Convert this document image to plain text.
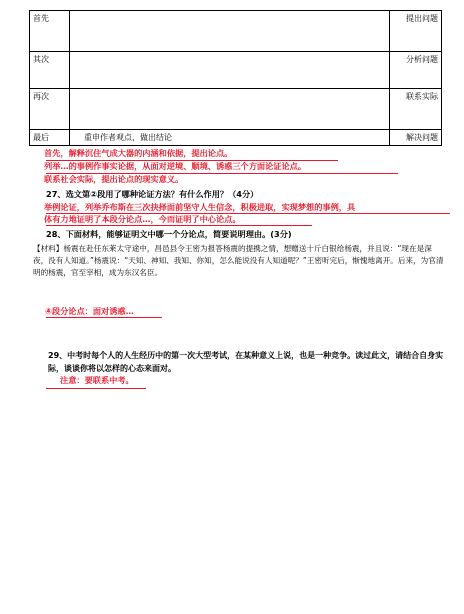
首先		提出问题
其次		分析问题
再次		联系实际
最后	重申作者观点，做出结论	解决问题
首先，解释沉住气成大器的内涵和依据，提出论点。
列举…的事例作事实论据，从面对逆境、顺境、诱惑三个方面论证论点。
联系社会实际，提出论点的现实意义。
27、选文第②段用了哪种论证方法？有什么作用？（4分）
举例论证，列举乔布斯在三次抉择面前坚守人生信念，积极进取，实现梦想的事例，具
体有力地证明了本段分论点…，今而证明了中心论点。
28、下面材料，能够证明文中哪一个分论点，简要说明理由。(3分)
【材料】杨震在赴任东莱太守途中，昌邑县令王密为报答杨震的提携之情，想赠送十斤白银给杨震，并且说：“现在是深夜，没有人知道。”杨震说：“天知、神知、我知、你知，怎么能说没有人知道呢？”王密听完后，惭愧地离开。后来，为官清明的杨震，官至宰相，成为东汉名臣。
④段分论点：面对诱惑…
29、中考时每个人的人生经历中的第一次大型考试，在某种意义上说，也是一种竞争。读过此文，请结合自身实际，谈谈你将以怎样的心态来面对。
注意：要联系中考。
